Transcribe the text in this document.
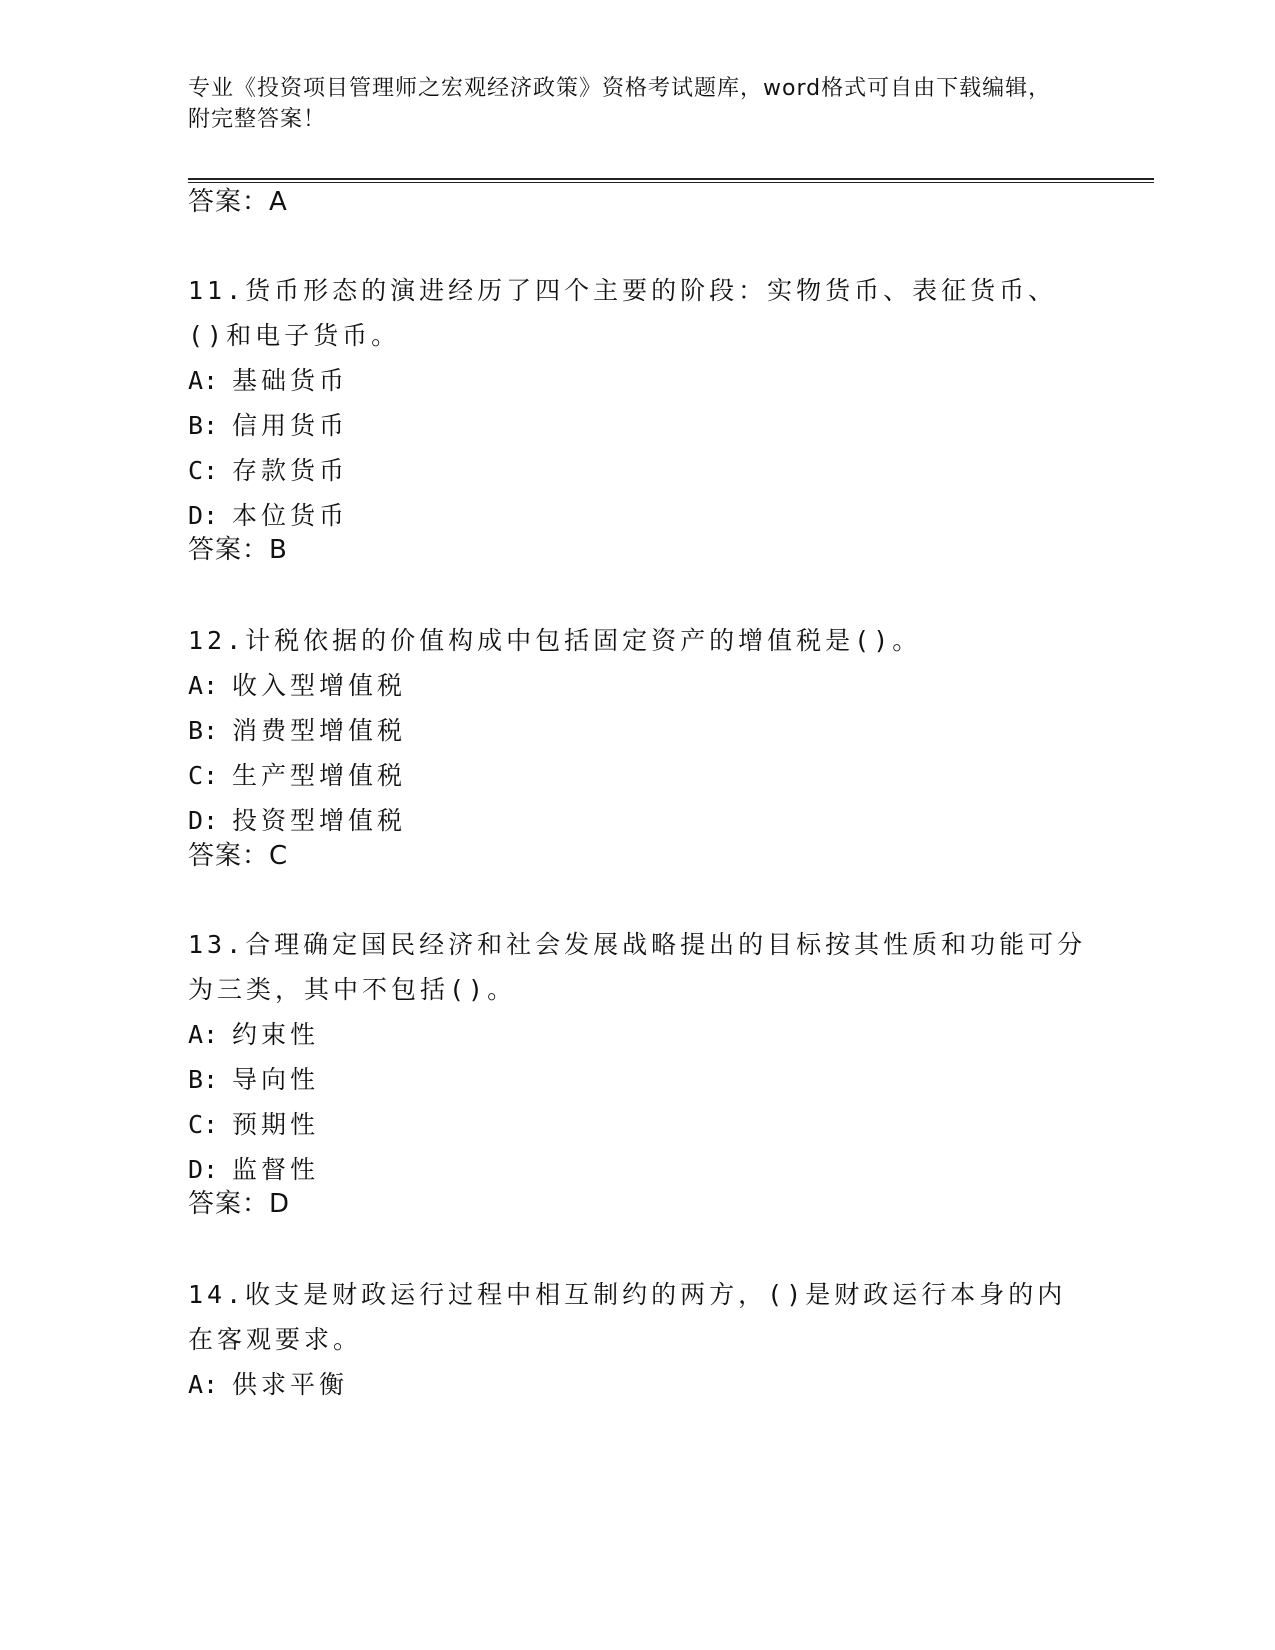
专业《投资项目管理师之宏观经济政策》资格考试题库，word格式可自由下载编辑，附完整答案！
答案：A
11.货币形态的演进经历了四个主要的阶段：实物货币、表征货币、()和电子货币。
A: 基础货币
B: 信用货币
C: 存款货币
D: 本位货币
答案：B
12.计税依据的价值构成中包括固定资产的增值税是()。
A: 收入型增值税
B: 消费型增值税
C: 生产型增值税
D: 投资型增值税
答案：C
13.合理确定国民经济和社会发展战略提出的目标按其性质和功能可分为三类，其中不包括()。
A: 约束性
B: 导向性
C: 预期性
D: 监督性
答案：D
14.收支是财政运行过程中相互制约的两方，()是财政运行本身的内在客观要求。
A: 供求平衡
